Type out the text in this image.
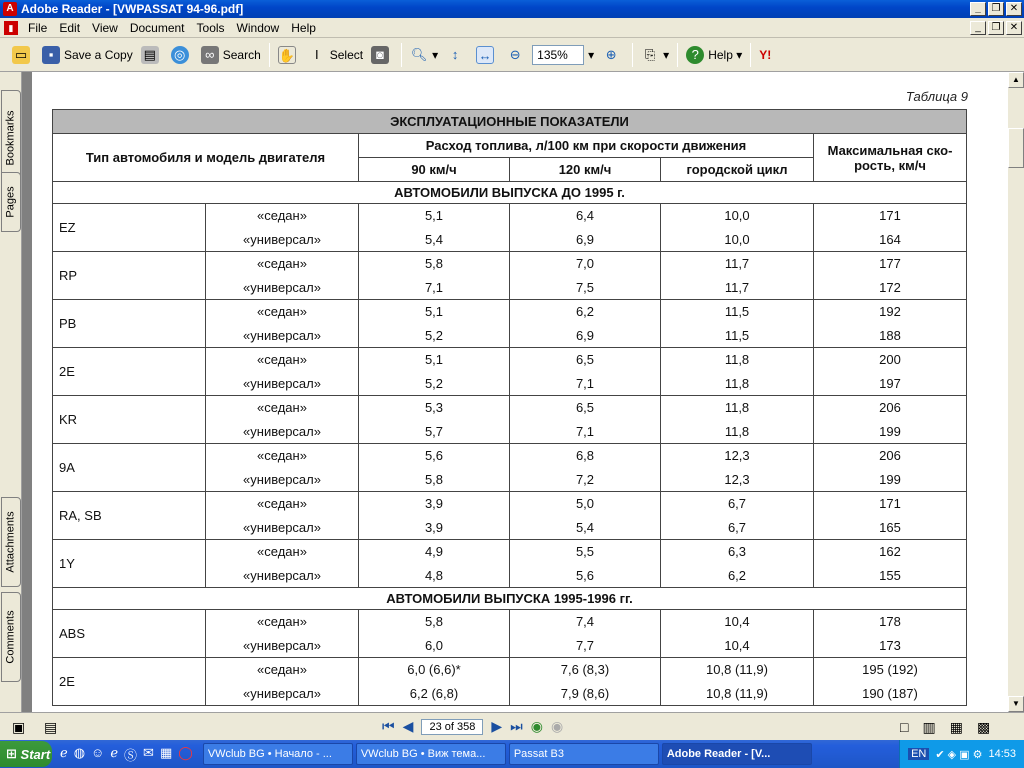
A Adobe Reader - [VWPASSAT 94-96.pdf]	_	❐ ✕
▮	File	Edit	View	Document	Tools	Window	Help	_	❐ ✕
▭	▪ Save a Copy ▤ ◎	∞ Search ✋	I Select	◙	🔍︎ ▾	↕	↔ ⊖	135%	▾ ⊕ ⎘ ▾	? Help ▾	Y!
Bookmarks
Pages
Attachments
Comments
Таблица 9
ЭКСПЛУАТАЦИОННЫЕ ПОКАЗАТЕЛИ					
Тип автомобиля и модель двигателя		Расход топлива, л/100 км при скорости движения			Максимальная ско-рость, км/ч
		90 км/ч	120 км/ч	городской цикл	
АВТОМОБИЛИ ВЫПУСКА ДО 1995 г.					
EZ	«седан»	5,1	6,4	10,0	171
	«универсал»	5,4	6,9	10,0	164
RP	«седан»	5,8	7,0	11,7	177
	«универсал»	7,1	7,5	11,7	172
PB	«седан»	5,1	6,2	11,5	192
	«универсал»	5,2	6,9	11,5	188
2E	«седан»	5,1	6,5	11,8	200
	«универсал»	5,2	7,1	11,8	197
KR	«седан»	5,3	6,5	11,8	206
	«универсал»	5,7	7,1	11,8	199
9A	«седан»	5,6	6,8	12,3	206
	«универсал»	5,8	7,2	12,3	199
RA, SB	«седан»	3,9	5,0	6,7	171
	«универсал»	3,9	5,4	6,7	165
1Y	«седан»	4,9	5,5	6,3	162
	«универсал»	4,8	5,6	6,2	155
АВТОМОБИЛИ ВЫПУСКА 1995-1996 гг.					
ABS	«седан»	5,8	7,4	10,4	178
	«универсал»	6,0	7,7	10,4	173
2E	«седан»	6,0 (6,6)*	7,6 (8,3)	10,8 (11,9)	195 (192)
	«универсал»	6,2 (6,8)	7,9 (8,6)	10,8 (11,9)	190 (187)
▲
▼
▣ ▤	⏮ ◀	23 of 358	▶ ⏭ ◉ ◉	□ ▥ ▦ ▩
⊞
Start ℯ ◍ ☺ ℯ Ⓢ ✉ ▦ ◯ VWclub BG • Начало - ...	VWclub BG • Виж тема...	Passat B3	Adobe Reader - [V...	EN ✔ ◈ ▣ ⚙ 14:53
